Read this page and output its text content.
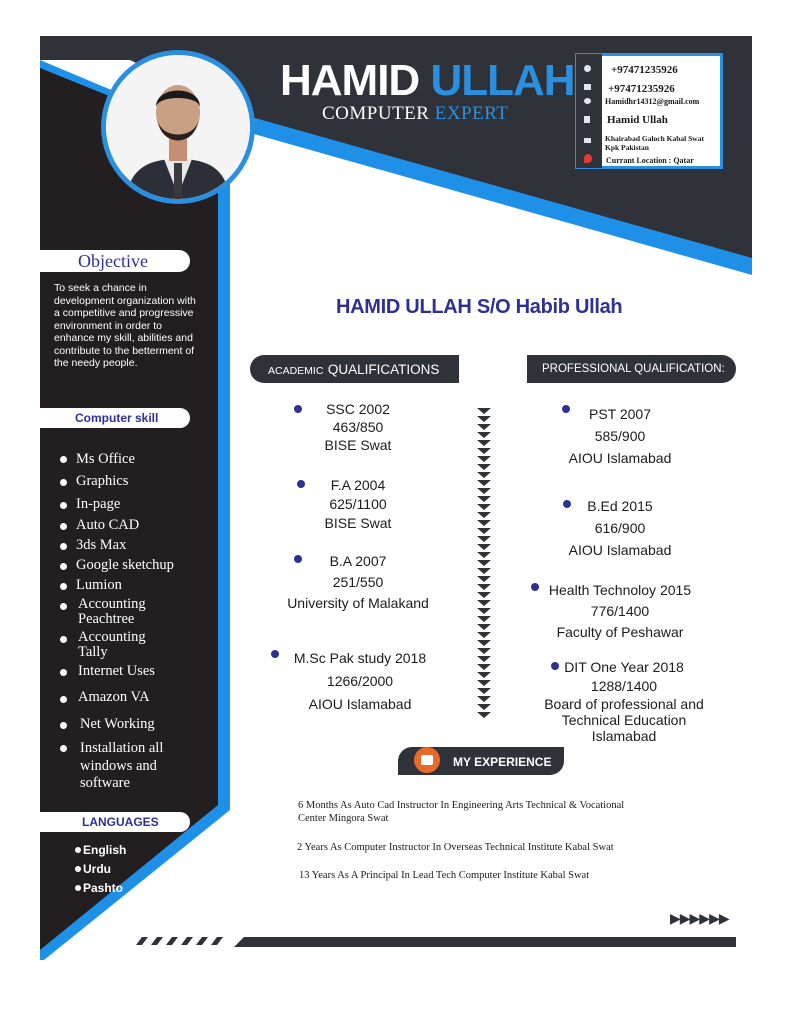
HAMID ULLAH
COMPUTER EXPERT
+97471235926
+97471235926
Hamidhr14312@gmail.com
Hamid Ullah
Khairabad Galoch Kabal Swat Kpk Pakistan
Currant Location : Qatar
Objective
To seek a chance in development organization with a competitive and progressive environment in order to enhance my skill, abilities and contribute to the betterment of the needy people.
Computer skill
Ms Office
Graphics
In-page
Auto CAD
3ds Max
Google sketchup
Lumion
Accounting Peachtree
Accounting Tally
Internet Uses
Amazon VA
Net Working
Installation all windows and software
LANGUAGES
English
Urdu
Pashto
HAMID ULLAH S/O Habib Ullah
ACADEMIC QUALIFICATIONS	PROFESSIONAL QUALIFICATION:
SSC 2002
463/850
BISE Swat
F.A 2004
625/1100
BISE Swat
B.A 2007
251/550
University of Malakand
M.Sc Pak study 2018
1266/2000
AIOU Islamabad
PST 2007
585/900
AIOU Islamabad
B.Ed 2015
616/900
AIOU Islamabad
Health Technoloy 2015
776/1400
Faculty of Peshawar
DIT One Year 2018
1288/1400
Board of professional and Technical Education Islamabad
MY EXPERIENCE
6 Months As Auto Cad Instructor In Engineering Arts Technical & Vocational Center Mingora Swat
2 Years As Computer Instructor In Overseas Technical Institute Kabal Swat
13 Years As A Principal In Lead Tech Computer Institute Kabal Swat
▶▶▶▶▶▶
